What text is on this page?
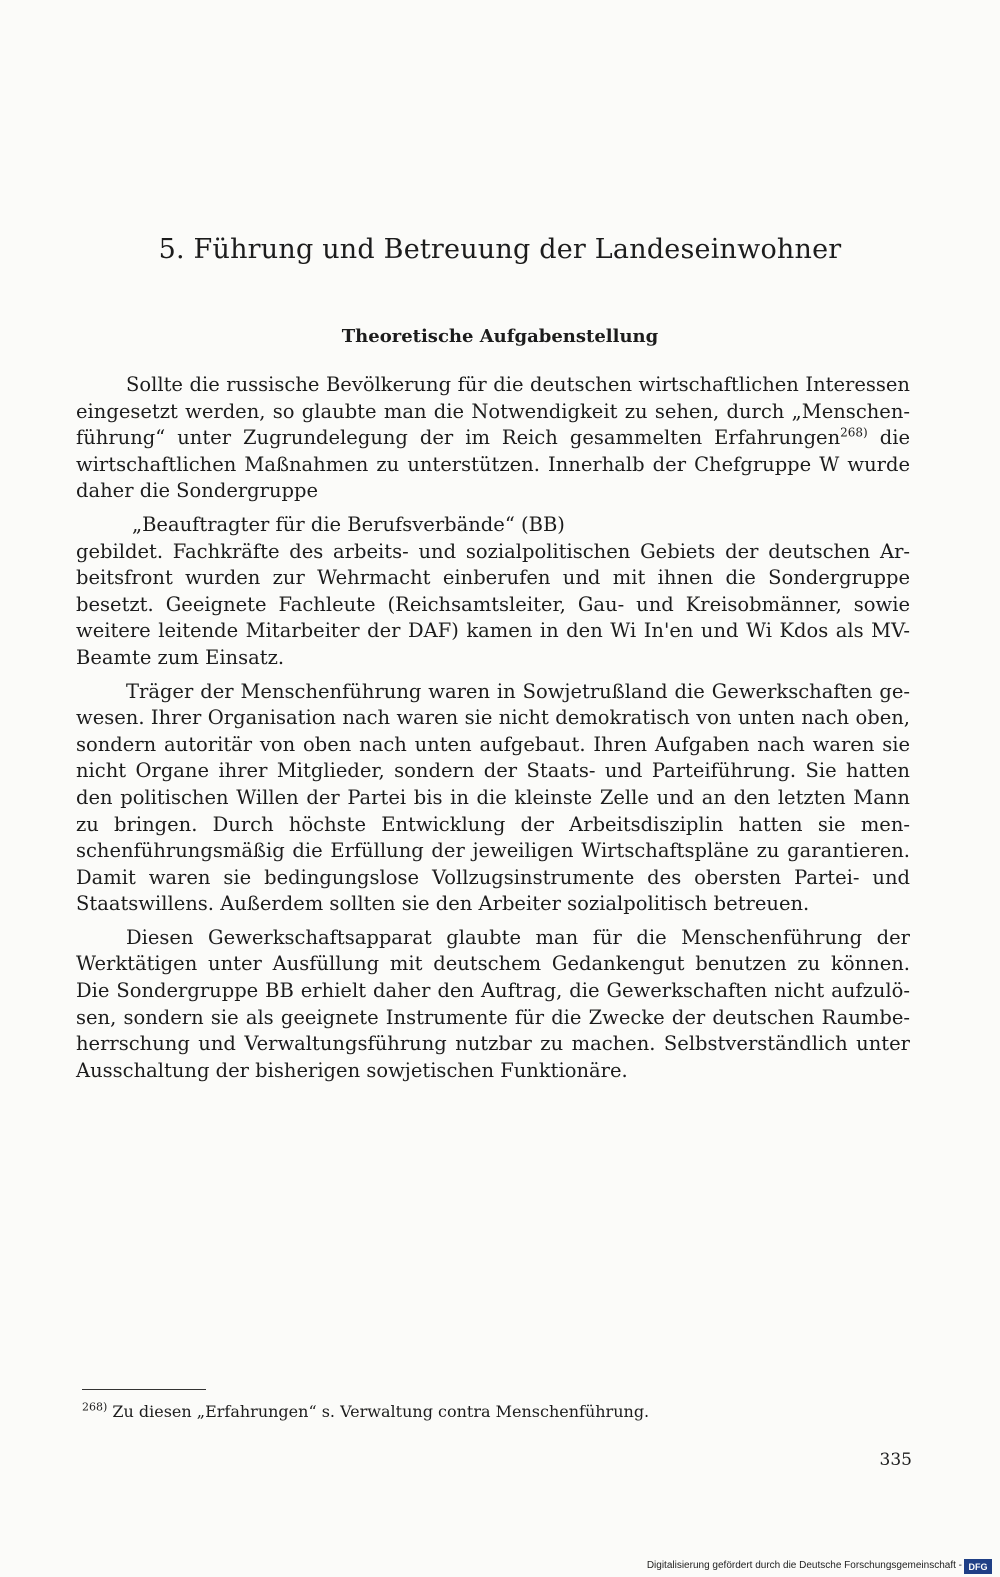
5. Führung und Betreuung der Landeseinwohner
Theoretische Aufgabenstellung

Sollte die russische Bevölkerung für die deutschen wirtschaftlichen Interessen eingesetzt werden, so glaubte man die Notwendigkeit zu sehen, durch „Menschenführung“ unter Zugrundelegung der im Reich gesammelten Erfahrungen$^{268)}$ die wirtschaftlichen Maßnahmen zu unterstützen. Innerhalb der Chefgruppe W wurde daher die Sondergruppe

„Beauftragter für die Berufsverbände“ (BB)

gebildet. Fachkräfte des arbeits- und sozialpolitischen Gebiets der deutschen Arbeitsfront wurden zur Wehrmacht einberufen und mit ihnen die Sondergruppe besetzt. Geeignete Fachleute (Reichsamtsleiter, Gau- und Kreisobmänner, sowie weitere leitende Mitarbeiter der DAF) kamen in den Wi In'en und Wi Kdos als MV-Beamte zum Einsatz.

Träger der Menschenführung waren in Sowjetrußland die Gewerkschaften gewesen. Ihrer Organisation nach waren sie nicht demokratisch von unten nach oben, sondern autoritär von oben nach unten aufgebaut. Ihren Aufgaben nach waren sie nicht Organe ihrer Mitglieder, sondern der Staats- und Parteiführung. Sie hatten den politischen Willen der Partei bis in die kleinste Zelle und an den letzten Mann zu bringen. Durch höchste Entwicklung der Arbeitsdisziplin hatten sie menschenführungsmäßig die Erfüllung der jeweiligen Wirtschaftspläne zu garantieren. Damit waren sie bedingungslose Vollzugsinstrumente des obersten Partei- und Staatswillens. Außerdem sollten sie den Arbeiter sozialpolitisch betreuen.

Diesen Gewerkschaftsapparat glaubte man für die Menschenführung der Werktätigen unter Ausfüllung mit deutschem Gedankengut benutzen zu können. Die Sondergruppe BB erhielt daher den Auftrag, die Gewerkschaften nicht aufzulösen, sondern sie als geeignete Instrumente für die Zwecke der deutschen Raumbeherrschung und Verwaltungsführung nutzbar zu machen. Selbstverständlich unter Ausschaltung der bisherigen sowjetischen Funktionäre.

$^{268)}$ Zu diesen „Erfahrungen“ s. Verwaltung contra Menschenführung.
335
Digitalisierung gefördert durch die Deutsche Forschungsgemeinschaft - DFG
